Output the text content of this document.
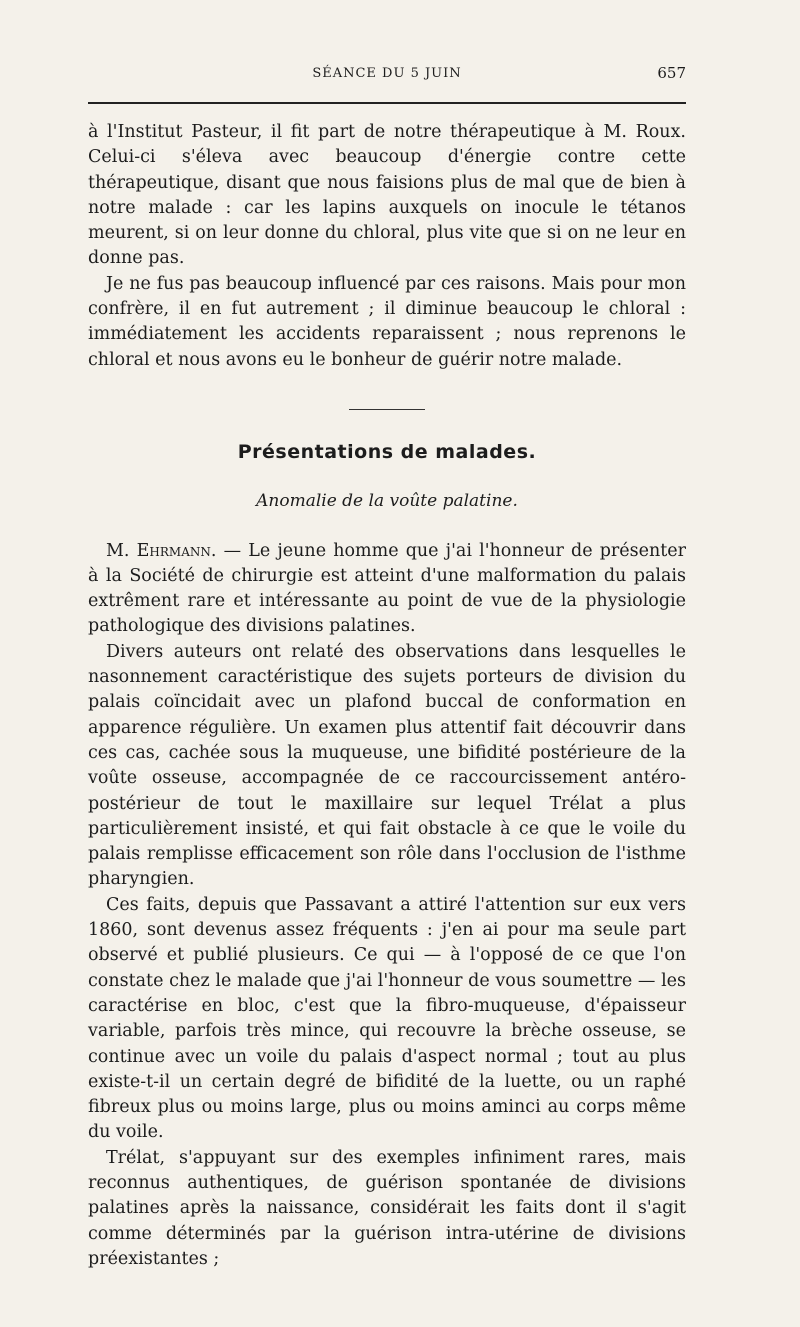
SÉANCE DU 5 JUIN	657

à l'Institut Pasteur, il fit part de notre thérapeutique à M. Roux. Celui-ci s'éleva avec beaucoup d'énergie contre cette thérapeutique, disant que nous faisions plus de mal que de bien à notre malade : car les lapins auxquels on inocule le tétanos meurent, si on leur donne du chloral, plus vite que si on ne leur en donne pas.

Je ne fus pas beaucoup influencé par ces raisons. Mais pour mon confrère, il en fut autrement ; il diminue beaucoup le chloral : immédiatement les accidents reparaissent ; nous reprenons le chloral et nous avons eu le bonheur de guérir notre malade.

Présentations de malades.
Anomalie de la voûte palatine.

M. Ehrmann. — Le jeune homme que j'ai l'honneur de présenter à la Société de chirurgie est atteint d'une malformation du palais extrêment rare et intéressante au point de vue de la physiologie pathologique des divisions palatines.

Divers auteurs ont relaté des observations dans lesquelles le nasonnement caractéristique des sujets porteurs de division du palais coïncidait avec un plafond buccal de conformation en apparence régulière. Un examen plus attentif fait découvrir dans ces cas, cachée sous la muqueuse, une bifidité postérieure de la voûte osseuse, accompagnée de ce raccourcissement antéro-postérieur de tout le maxillaire sur lequel Trélat a plus particulièrement insisté, et qui fait obstacle à ce que le voile du palais remplisse efficacement son rôle dans l'occlusion de l'isthme pharyngien.

Ces faits, depuis que Passavant a attiré l'attention sur eux vers 1860, sont devenus assez fréquents : j'en ai pour ma seule part observé et publié plusieurs. Ce qui — à l'opposé de ce que l'on constate chez le malade que j'ai l'honneur de vous soumettre — les caractérise en bloc, c'est que la fibro-muqueuse, d'épaisseur variable, parfois très mince, qui recouvre la brèche osseuse, se continue avec un voile du palais d'aspect normal ; tout au plus existe-t-il un certain degré de bifidité de la luette, ou un raphé fibreux plus ou moins large, plus ou moins aminci au corps même du voile.

Trélat, s'appuyant sur des exemples infiniment rares, mais reconnus authentiques, de guérison spontanée de divisions palatines après la naissance, considérait les faits dont il s'agit comme déterminés par la guérison intra-utérine de divisions préexistantes ;
